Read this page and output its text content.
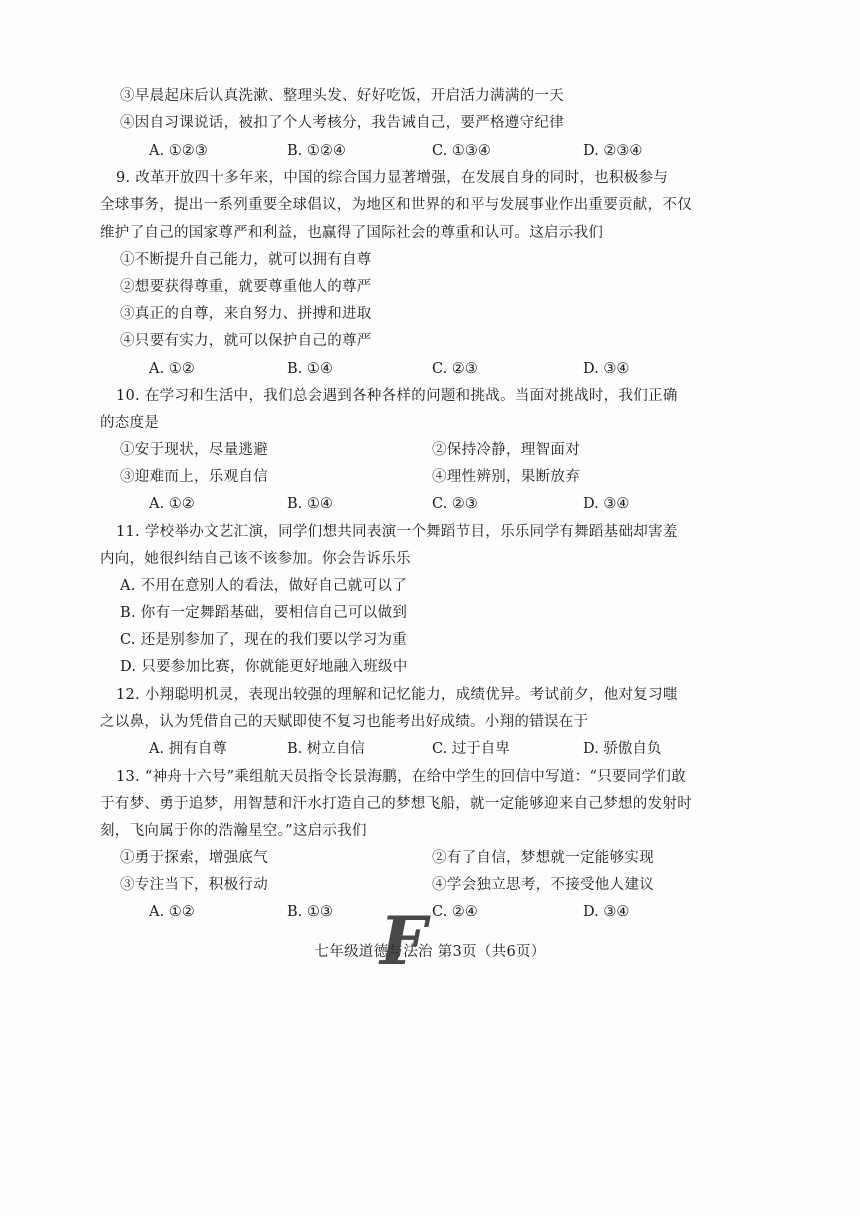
③早晨起床后认真洗漱、整理头发、好好吃饭，开启活力满满的一天
④因自习课说话，被扣了个人考核分，我告诫自己，要严格遵守纪律
A. ①②③	B. ①②④	C. ①③④	D. ②③④
9. 改革开放四十多年来，中国的综合国力显著增强，在发展自身的同时，也积极参与
全球事务，提出一系列重要全球倡议，为地区和世界的和平与发展事业作出重要贡献，不仅
维护了自己的国家尊严和利益，也赢得了国际社会的尊重和认可。这启示我们
①不断提升自己能力，就可以拥有自尊
②想要获得尊重，就要尊重他人的尊严
③真正的自尊，来自努力、拼搏和进取
④只要有实力，就可以保护自己的尊严
A. ①②	B. ①④	C. ②③	D. ③④
10. 在学习和生活中，我们总会遇到各种各样的问题和挑战。当面对挑战时，我们正确
的态度是
①安于现状，尽量逃避	②保持冷静，理智面对
③迎难而上，乐观自信	④理性辨别，果断放弃
A. ①②	B. ①④	C. ②③	D. ③④
11. 学校举办文艺汇演，同学们想共同表演一个舞蹈节目，乐乐同学有舞蹈基础却害羞
内向，她很纠结自己该不该参加。你会告诉乐乐
A. 不用在意别人的看法，做好自己就可以了
B. 你有一定舞蹈基础，要相信自己可以做到
C. 还是别参加了，现在的我们要以学习为重
D. 只要参加比赛，你就能更好地融入班级中
12. 小翔聪明机灵，表现出较强的理解和记忆能力，成绩优异。考试前夕，他对复习嗤
之以鼻，认为凭借自己的天赋即使不复习也能考出好成绩。小翔的错误在于
A. 拥有自尊	B. 树立自信	C. 过于自卑	D. 骄傲自负
13. “神舟十六号”乘组航天员指令长景海鹏，在给中学生的回信中写道：“只要同学们敢
于有梦、勇于追梦，用智慧和汗水打造自己的梦想飞船，就一定能够迎来自己梦想的发射时
刻，飞向属于你的浩瀚星空。”这启示我们
①勇于探索，增强底气	②有了自信，梦想就一定能够实现
③专注当下，积极行动	④学会独立思考，不接受他人建议
A. ①②	B. ①③	C. ②④	D. ③④
七年级道德与法治 第3页（共6页）
F
